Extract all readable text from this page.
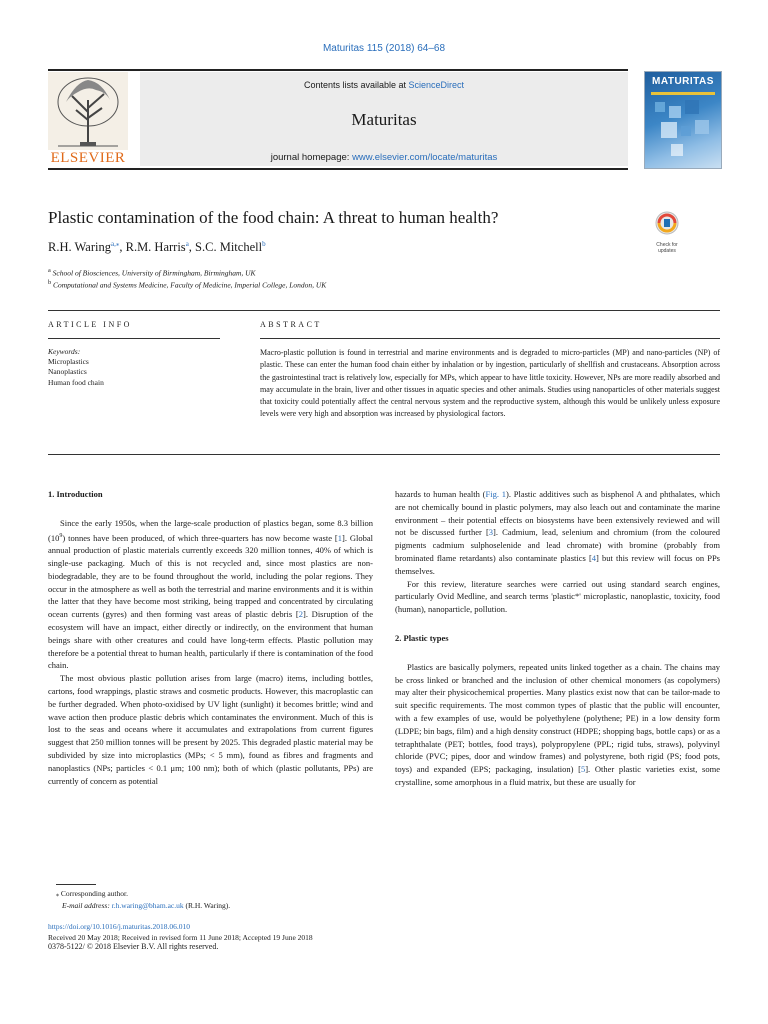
Maturitas 115 (2018) 64–68
ELSEVIER
Contents lists available at ScienceDirect
Maturitas
journal homepage: www.elsevier.com/locate/maturitas
MATURITAS
Plastic contamination of the food chain: A threat to human health?
Check for
updates
R.H. Waring$^{a,⁎}$, R.M. Harris$^a$, S.C. Mitchell$^b$
$^a$ School of Biosciences, University of Birmingham, Birmingham, UK
$^b$ Computational and Systems Medicine, Faculty of Medicine, Imperial College, London, UK
ARTICLE INFO	ABSTRACT
Keywords:
Microplastics
Nanoplastics
Human food chain
Macro-plastic pollution is found in terrestrial and marine environments and is degraded to micro-particles (MP) and nano-particles (NP) of plastic. These can enter the human food chain either by inhalation or by ingestion, particularly of shellfish and crustaceans. Absorption across the gastrointestinal tract is relatively low, especially for MPs, which appear to have little toxicity. However, NPs are more readily absorbed and may accumulate in the brain, liver and other tissues in aquatic species and other animals. Studies using nanoparticles of other materials suggest that toxicity could potentially affect the central nervous system and the reproductive system, although this would be unlikely unless exposure levels were very high and absorption was increased by physiological factors.
1. Introduction

Since the early 1950s, when the large-scale production of plastics began, some 8.3 billion $(10^9)$ tonnes have been produced, of which three-quarters has now become waste [1]. Global annual production of plastic materials currently exceeds 320 million tonnes, 40% of which is single-use packaging. Much of this is not recycled and, since most plastics are non-biodegradable, they are to be found throughout the world, including the polar regions. They occur in the atmosphere as well as both the terrestrial and marine environments and it is within the latter that they have become most striking, being trapped and concentrated by circulating ocean currents (gyres) and then forming vast areas of plastic debris [2]. Disruption of the ecosystem will have an impact, either directly or indirectly, on the environment that human beings share with other creatures and could have long-term effects. Plastic pollution may therefore be a potential threat to human health, particularly if there is contamination of the food chain.

The most obvious plastic pollution arises from large (macro) items, including bottles, cartons, food wrappings, plastic straws and cosmetic products. However, this macroplastic can be further degraded. When photo-oxidised by UV light (sunlight) it becomes brittle; wind and wave action then produce plastic debris which contaminates the environment. Much of this is lost to the seas and oceans where it accumulates and extrapolations from current figures suggest that 250 million tonnes will be present by 2025. This degraded plastic material may be subdivided by size into microplastics (MPs; < 5 mm), found as fibres and fragments and nanoplastics (NPs; particles < 0.1 μm; 100 nm); both of which (plastic pollutants, PPs) are currently of concern as potential

hazards to human health (Fig. 1). Plastic additives such as bisphenol A and phthalates, which are not chemically bound in plastic polymers, may also leach out and contaminate the marine environment – their potential effects on biosystems have been extensively reviewed and will not be discussed further [3]. Cadmium, lead, selenium and chromium (from the coloured pigments cadmium sulphoselenide and lead chromate) with bromine (probably from brominated flame retardants) also contaminate plastics [4] but this review will focus on PPs themselves.

For this review, literature searches were carried out using standard search engines, particularly Ovid Medline, and search terms 'plastic*' microplastic, nanoplastic, toxicity, food (human), nanoparticle, pollution.

2. Plastic types

Plastics are basically polymers, repeated units linked together as a chain. The chains may be cross linked or branched and the inclusion of other chemical monomers (as copolymers) may alter their physicochemical properties. Many plastics exist now that can be tailor-made to suit specific requirements. The most common types of plastic that the public will encounter, with a few examples of use, would be polyethylene (polythene; PE) in a low density form (LDPE; bin bags, film) and a high density construct (HDPE; shopping bags, bottle caps) or as a tetraphthalate (PET; bottles, food trays), polypropylene (PPL; rigid tubs, straws), polyvinyl chloride (PVC; pipes, door and window frames) and polystyrene, both rigid (PS; food pots, toys) and expanded (EPS; packaging, insulation) [5]. Other plastic varieties exist, some crystalline, some amorphous in a fluid matrix, but these are usually for

⁎ Corresponding author.
E-mail address: r.h.waring@bham.ac.uk (R.H. Waring).
https://doi.org/10.1016/j.maturitas.2018.06.010
Received 20 May 2018; Received in revised form 11 June 2018; Accepted 19 June 2018
0378-5122/ © 2018 Elsevier B.V. All rights reserved.
